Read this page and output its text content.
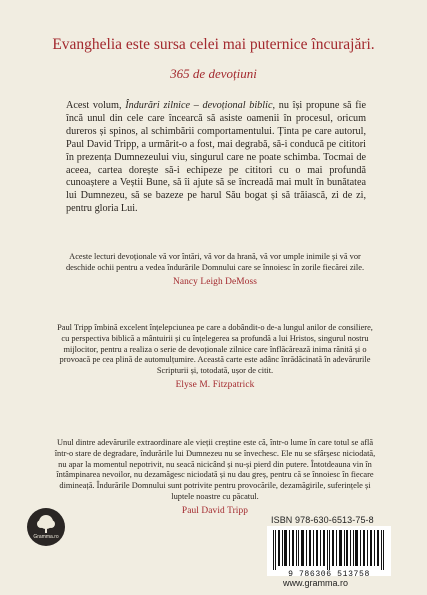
Evanghelia este sursa celei mai puternice încurajări.
365 de devoțiuni
Acest volum, Îndurări zilnice – devoțional biblic, nu își propune să fie încă unul din cele care încearcă să asiste oamenii în procesul, oricum dureros și spinos, al schimbării comportamentului. Ținta pe care autorul, Paul David Tripp, a urmărit-o a fost, mai degrabă, să-i conducă pe cititori în prezența Dumnezeului viu, singurul care ne poate schimba. Tocmai de aceea, cartea dorește să-i echipeze pe cititori cu o mai profundă cunoaștere a Veștii Bune, să îi ajute să se încreadă mai mult în bunătatea lui Dumnezeu, să se bazeze pe harul Său bogat și să trăiască, zi de zi, pentru gloria Lui.
Aceste lecturi devoționale vă vor întări, vă vor da hrană, vă vor umple inimile și vă vor deschide ochii pentru a vedea îndurările Domnului care se înnoiesc în zorile fiecărei zile.
Nancy Leigh DeMoss
Paul Tripp îmbină excelent înțelepciunea pe care a dobândit-o de-a lungul anilor de consiliere, cu perspectiva biblică a mântuirii și cu înțelegerea sa profundă a lui Hristos, singurul nostru mijlocitor, pentru a realiza o serie de devoționale zilnice care înflăcărează inima rănită și o provoacă pe cea plină de automulțumire. Această carte este adânc înrădăcinată în adevărurile Scripturii și, totodată, ușor de citit.
Elyse M. Fitzpatrick
Unul dintre adevărurile extraordinare ale vieții creștine este că, într-o lume în care totul se află într-o stare de degradare, îndurările lui Dumnezeu nu se învechesc. Ele nu se sfârșesc niciodată, nu apar la momentul nepotrivit, nu seacă nicicând și nu-și pierd din putere. Întotdeauna vin în întâmpinarea nevoilor, nu dezamăgesc niciodată și nu dau greș, pentru că se înnoiesc în fiecare dimineață. Îndurările Domnului sunt potrivite pentru provocările, dezamăgirile, suferințele și luptele noastre cu păcatul.
Paul David Tripp
Gramma.ro
ISBN 978-630-6513-75-8
9 786306 513758
www.gramma.ro
